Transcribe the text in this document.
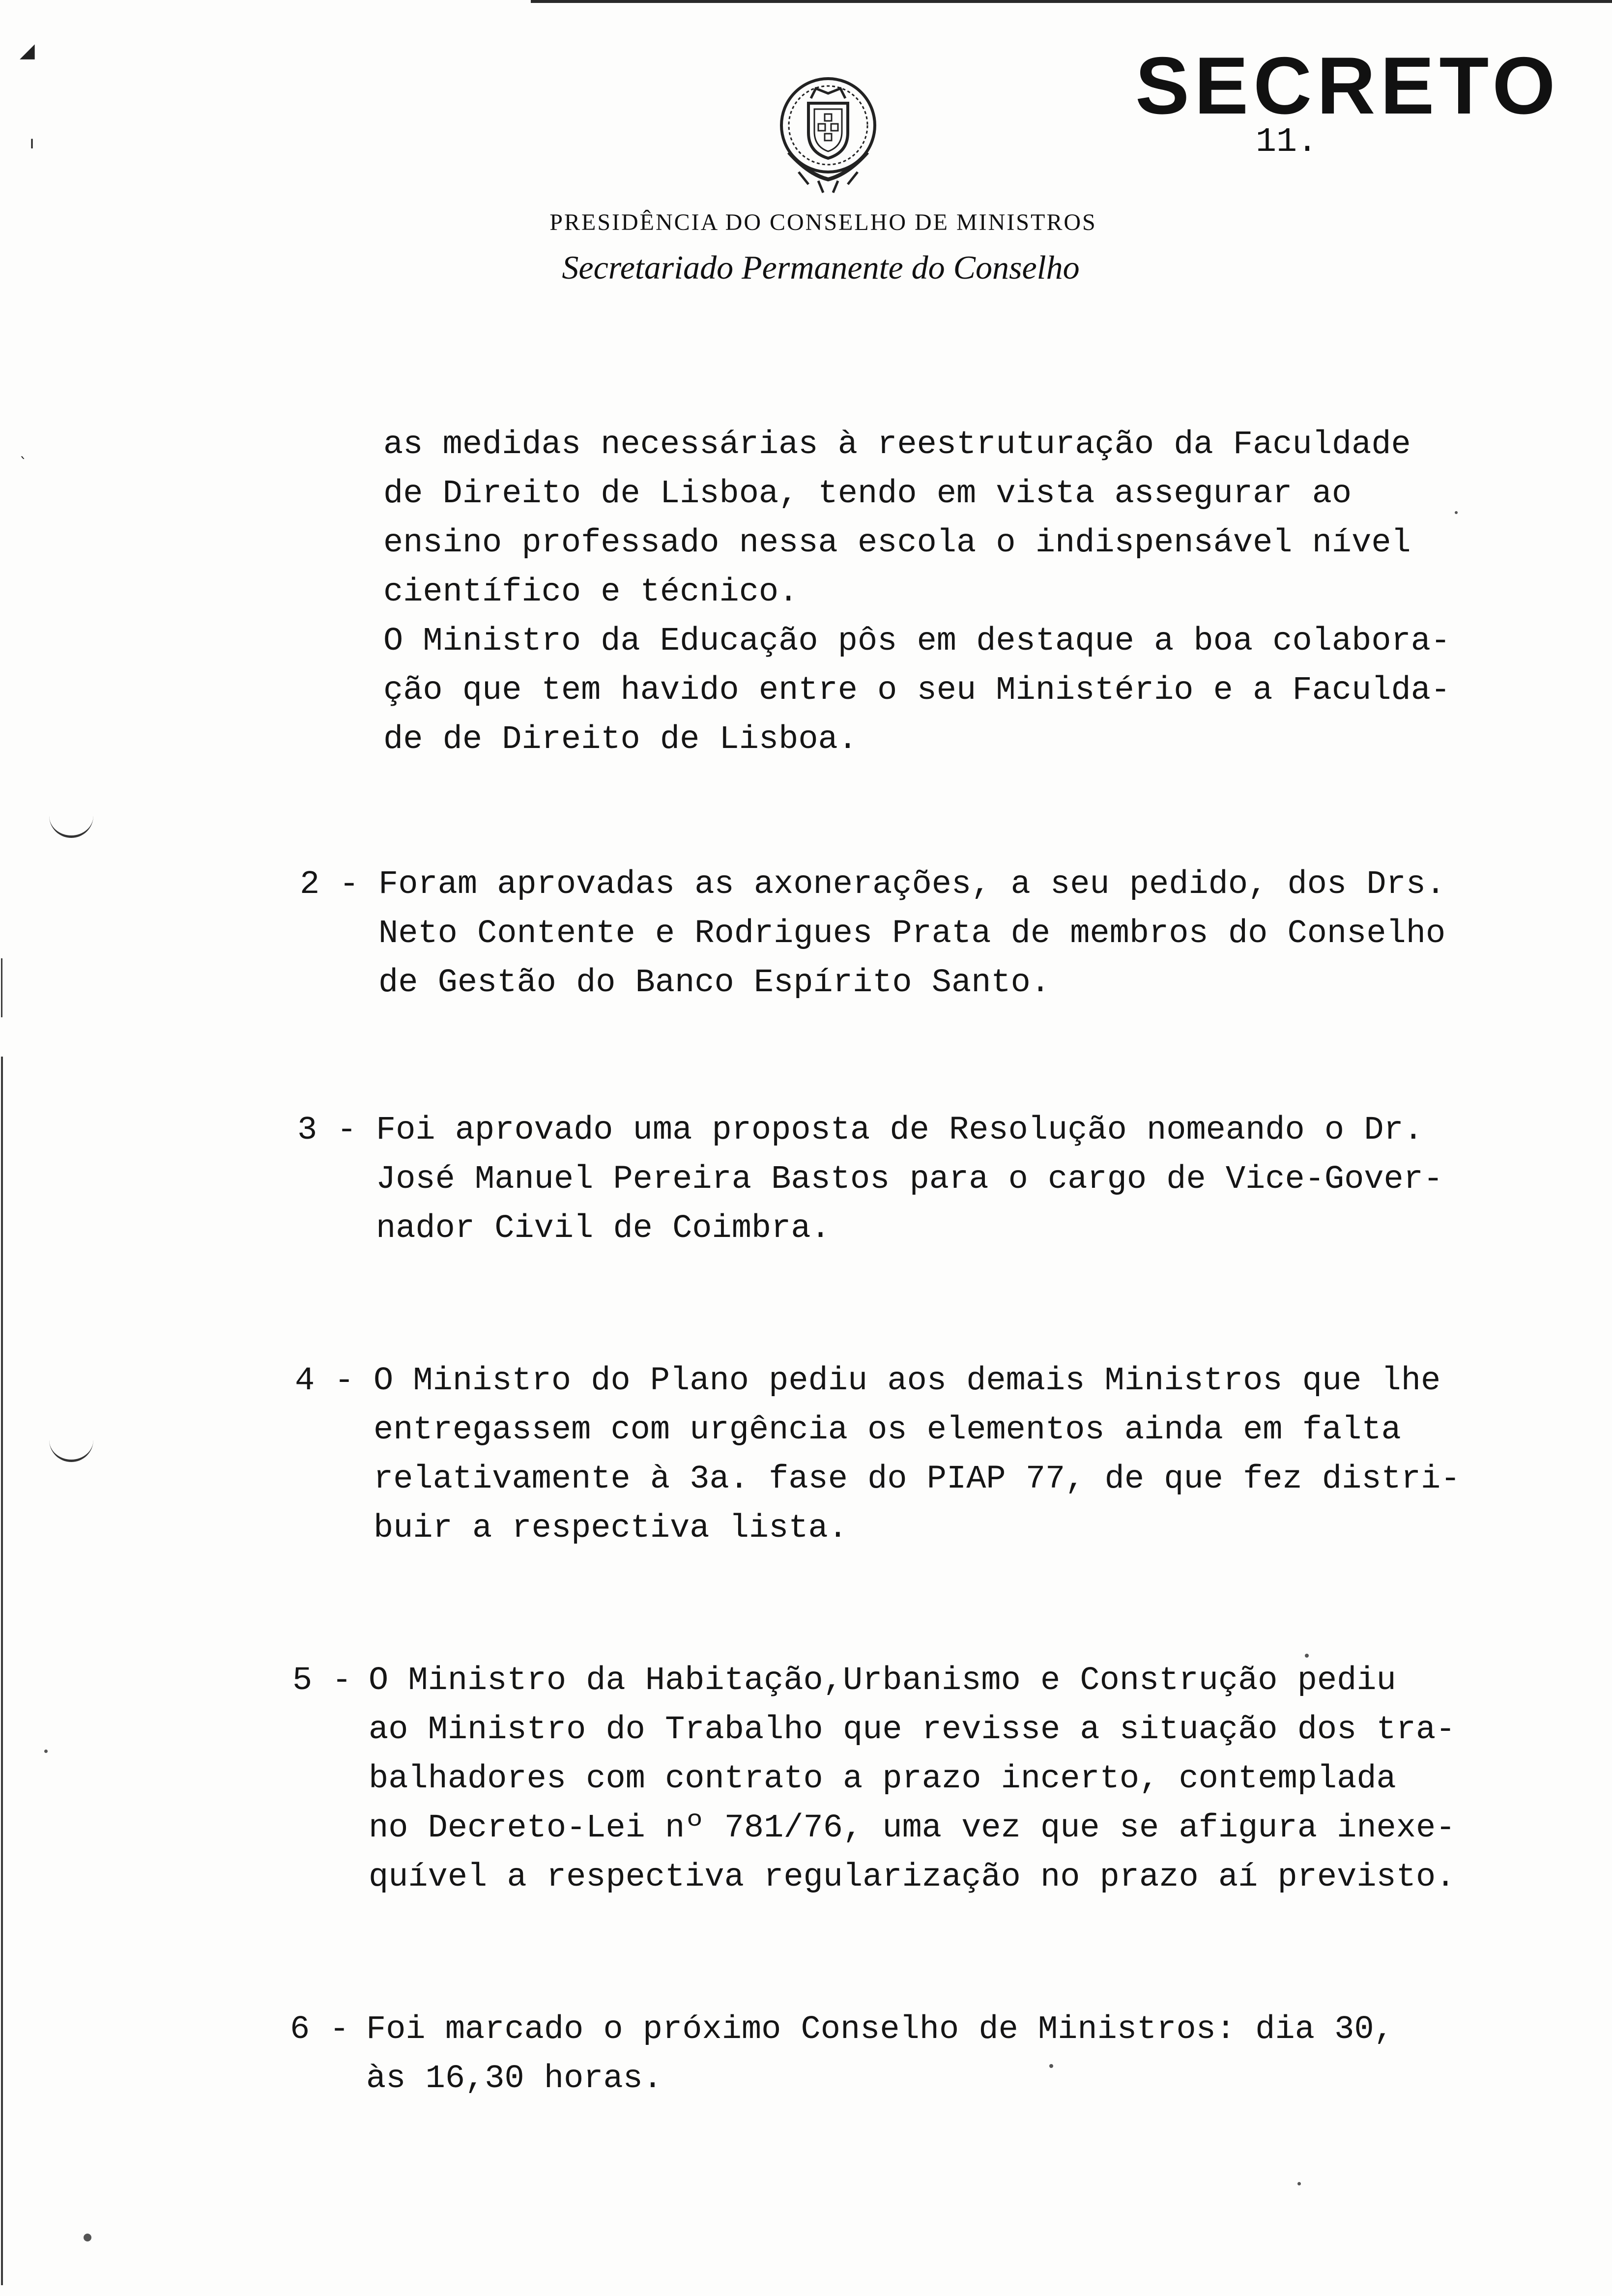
◢
ı
ˎ
SECRETO
11.
PRESIDÊNCIA DO CONSELHO DE MINISTROS
Secretariado Permanente do Conselho
as medidas necessárias à reestruturação da Faculdade
de Direito de Lisboa, tendo em vista assegurar ao
ensino professado nessa escola o indispensável nível
científico e técnico.
O Ministro da Educação pôs em destaque a boa colabora-
ção que tem havido entre o seu Ministério e a Faculda-
de de Direito de Lisboa.
2 - Foram aprovadas as axonerações, a seu pedido, dos Drs.
Neto Contente e Rodrigues Prata de membros do Conselho
de Gestão do Banco Espírito Santo.
3 - Foi aprovado uma proposta de Resolução nomeando o Dr.
José Manuel Pereira Bastos para o cargo de Vice-Gover-
nador Civil de Coimbra.
4 - O Ministro do Plano pediu aos demais Ministros que lhe
entregassem com urgência os elementos ainda em falta
relativamente à 3a. fase do PIAP 77, de que fez distri-
buir a respectiva lista.
5 - O Ministro da Habitação,Urbanismo e Construção pediu
ao Ministro do Trabalho que revisse a situação dos tra-
balhadores com contrato a prazo incerto, contemplada
no Decreto-Lei nº 781/76, uma vez que se afigura inexe-
quível a respectiva regularização no prazo aí previsto.
6 - Foi marcado o próximo Conselho de Ministros: dia 30,
às 16,30 horas.
